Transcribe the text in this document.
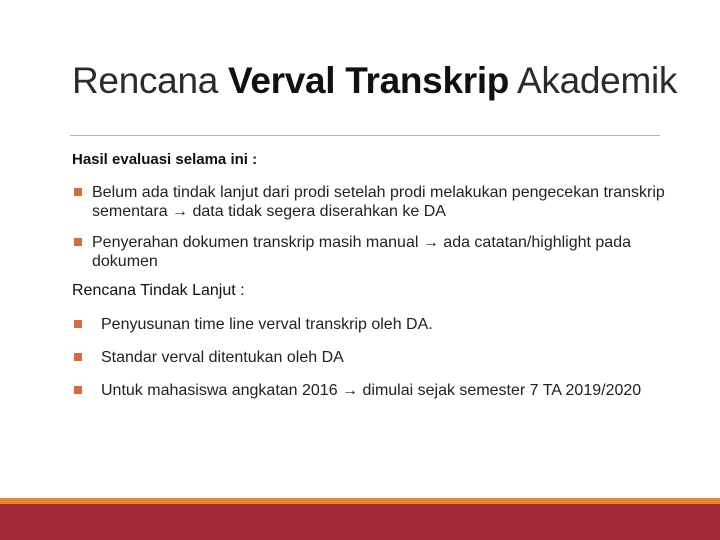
Rencana Verval Transkrip Akademik
Hasil evaluasi selama ini :
Belum ada tindak lanjut dari prodi setelah prodi melakukan pengecekan transkrip sementara → data tidak segera diserahkan ke DA
Penyerahan dokumen transkrip masih manual → ada catatan/highlight pada dokumen
Rencana Tindak Lanjut :
Penyusunan time line verval transkrip oleh DA.
Standar verval ditentukan oleh DA
Untuk mahasiswa angkatan 2016 → dimulai sejak semester 7 TA 2019/2020
